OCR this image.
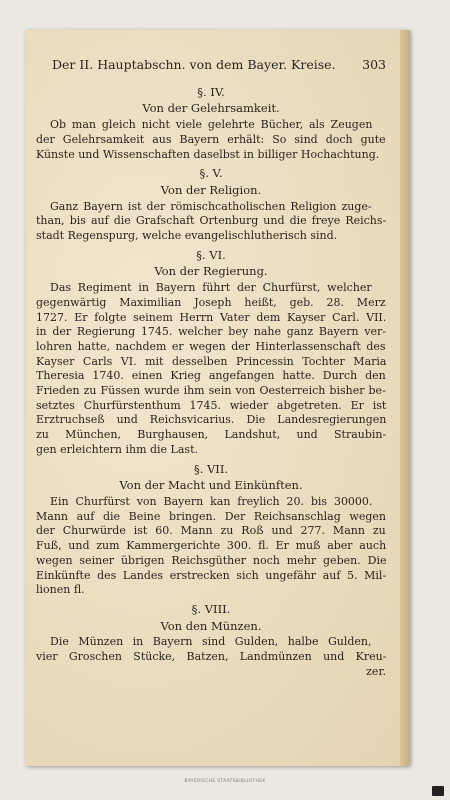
Der II. Hauptabschn. von dem Bayer. Kreise. 303
§. IV.
Von der Gelehrsamkeit.
Ob man gleich nicht viele gelehrte Bücher, als Zeugen
der Gelehrsamkeit aus Bayern erhält: So sind doch gute
Künste und Wissenschaften daselbst in billiger Hochachtung.
§. V.
Von der Religion.
Ganz Bayern ist der römischcatholischen Religion zuge-
than, bis auf die Grafschaft Ortenburg und die freye Reichs-
stadt Regenspurg, welche evangelischlutherisch sind.
§. VI.
Von der Regierung.
Das Regiment in Bayern führt der Churfürst, welcher
gegenwärtig Maximilian Joseph heißt, geb. 28. Merz
1727. Er folgte seinem Herrn Vater dem Kayser Carl. VII.
in der Regierung 1745. welcher bey nahe ganz Bayern ver-
lohren hatte, nachdem er wegen der Hinterlassenschaft des
Kayser Carls VI. mit desselben Princessin Tochter Maria
Theresia 1740. einen Krieg angefangen hatte. Durch den
Frieden zu Füssen wurde ihm sein von Oesterreich bisher be-
setztes Churfürstenthum 1745. wieder abgetreten. Er ist
Erztruchseß und Reichsvicarius. Die Landesregierungen
zu München, Burghausen, Landshut, und Straubin-
gen erleichtern ihm die Last.
§. VII.
Von der Macht und Einkünften.
Ein Churfürst von Bayern kan freylich 20. bis 30000.
Mann auf die Beine bringen. Der Reichsanschlag wegen
der Churwürde ist 60. Mann zu Roß und 277. Mann zu
Fuß, und zum Kammergerichte 300. fl. Er muß aber auch
wegen seiner übrigen Reichsgüther noch mehr geben. Die
Einkünfte des Landes erstrecken sich ungefähr auf 5. Mil-
lionen fl.
§. VIII.
Von den Münzen.
Die Münzen in Bayern sind Gulden, halbe Gulden,
vier Groschen Stücke, Batzen, Landmünzen und Kreu-
zer.
BAYERISCHE STAATSBIBLIOTHEK
